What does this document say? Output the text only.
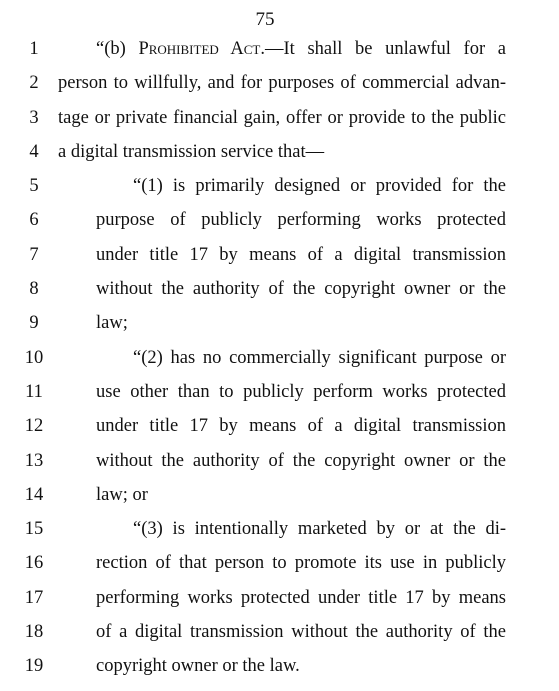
75
1	“(b) Prohibited Act.—It shall be unlawful for a
2	person to willfully, and for purposes of commercial advan-
3	tage or private financial gain, offer or provide to the public
4	a digital transmission service that—
5	“(1) is primarily designed or provided for the
6	purpose of publicly performing works protected
7	under title 17 by means of a digital transmission
8	without the authority of the copyright owner or the
9	law;
10	“(2) has no commercially significant purpose or
11	use other than to publicly perform works protected
12	under title 17 by means of a digital transmission
13	without the authority of the copyright owner or the
14	law; or
15	“(3) is intentionally marketed by or at the di-
16	rection of that person to promote its use in publicly
17	performing works protected under title 17 by means
18	of a digital transmission without the authority of the
19	copyright owner or the law.
